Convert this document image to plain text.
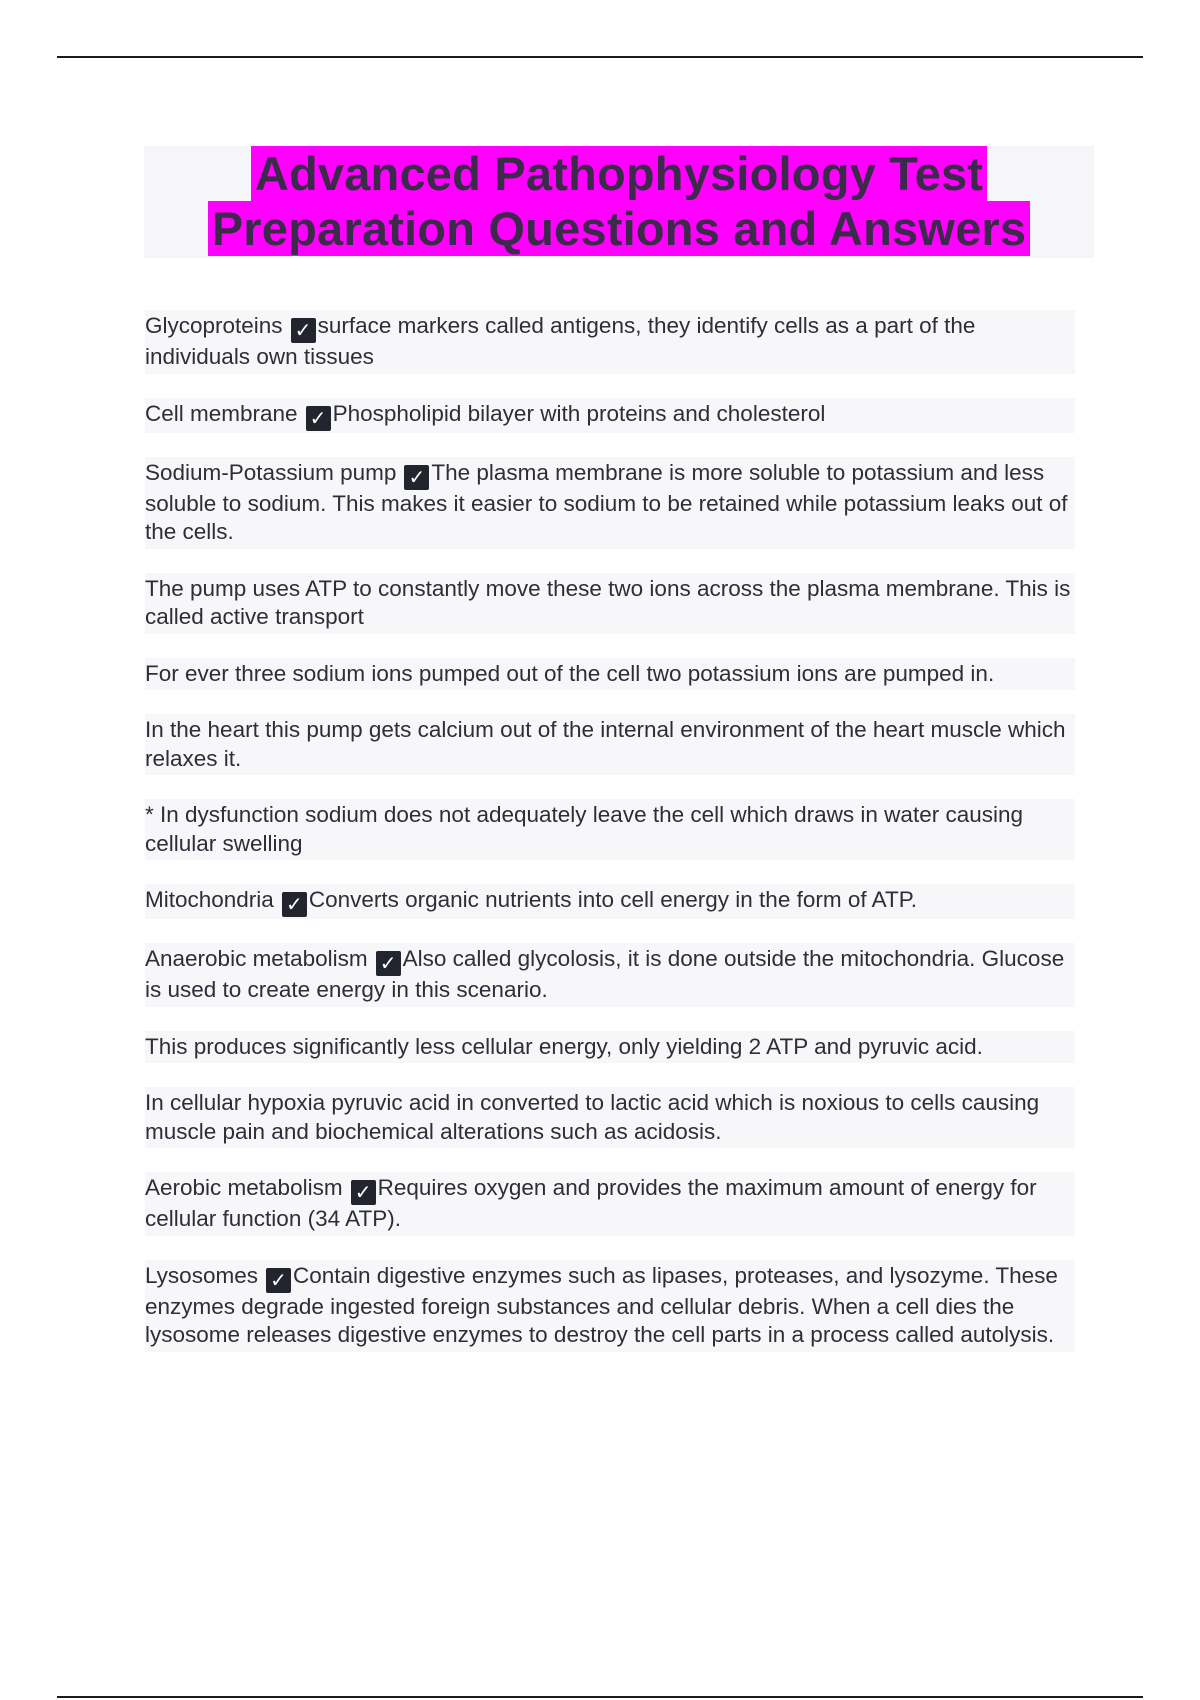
Advanced Pathophysiology Test
Preparation Questions and Answers

Glycoproteins ✓ surface markers called antigens, they identify cells as a part of the individuals own tissues

Cell membrane ✓ Phospholipid bilayer with proteins and cholesterol

Sodium-Potassium pump ✓ The plasma membrane is more soluble to potassium and less soluble to sodium. This makes it easier to sodium to be retained while potassium leaks out of the cells.

The pump uses ATP to constantly move these two ions across the plasma membrane. This is called active transport

For ever three sodium ions pumped out of the cell two potassium ions are pumped in.

In the heart this pump gets calcium out of the internal environment of the heart muscle which relaxes it.

* In dysfunction sodium does not adequately leave the cell which draws in water causing cellular swelling

Mitochondria ✓ Converts organic nutrients into cell energy in the form of ATP.

Anaerobic metabolism ✓ Also called glycolosis, it is done outside the mitochondria. Glucose is used to create energy in this scenario.

This produces significantly less cellular energy, only yielding 2 ATP and pyruvic acid.

In cellular hypoxia pyruvic acid in converted to lactic acid which is noxious to cells causing muscle pain and biochemical alterations such as acidosis.

Aerobic metabolism ✓ Requires oxygen and provides the maximum amount of energy for cellular function (34 ATP).

Lysosomes ✓ Contain digestive enzymes such as lipases, proteases, and lysozyme. These enzymes degrade ingested foreign substances and cellular debris. When a cell dies the lysosome releases digestive enzymes to destroy the cell parts in a process called autolysis.
